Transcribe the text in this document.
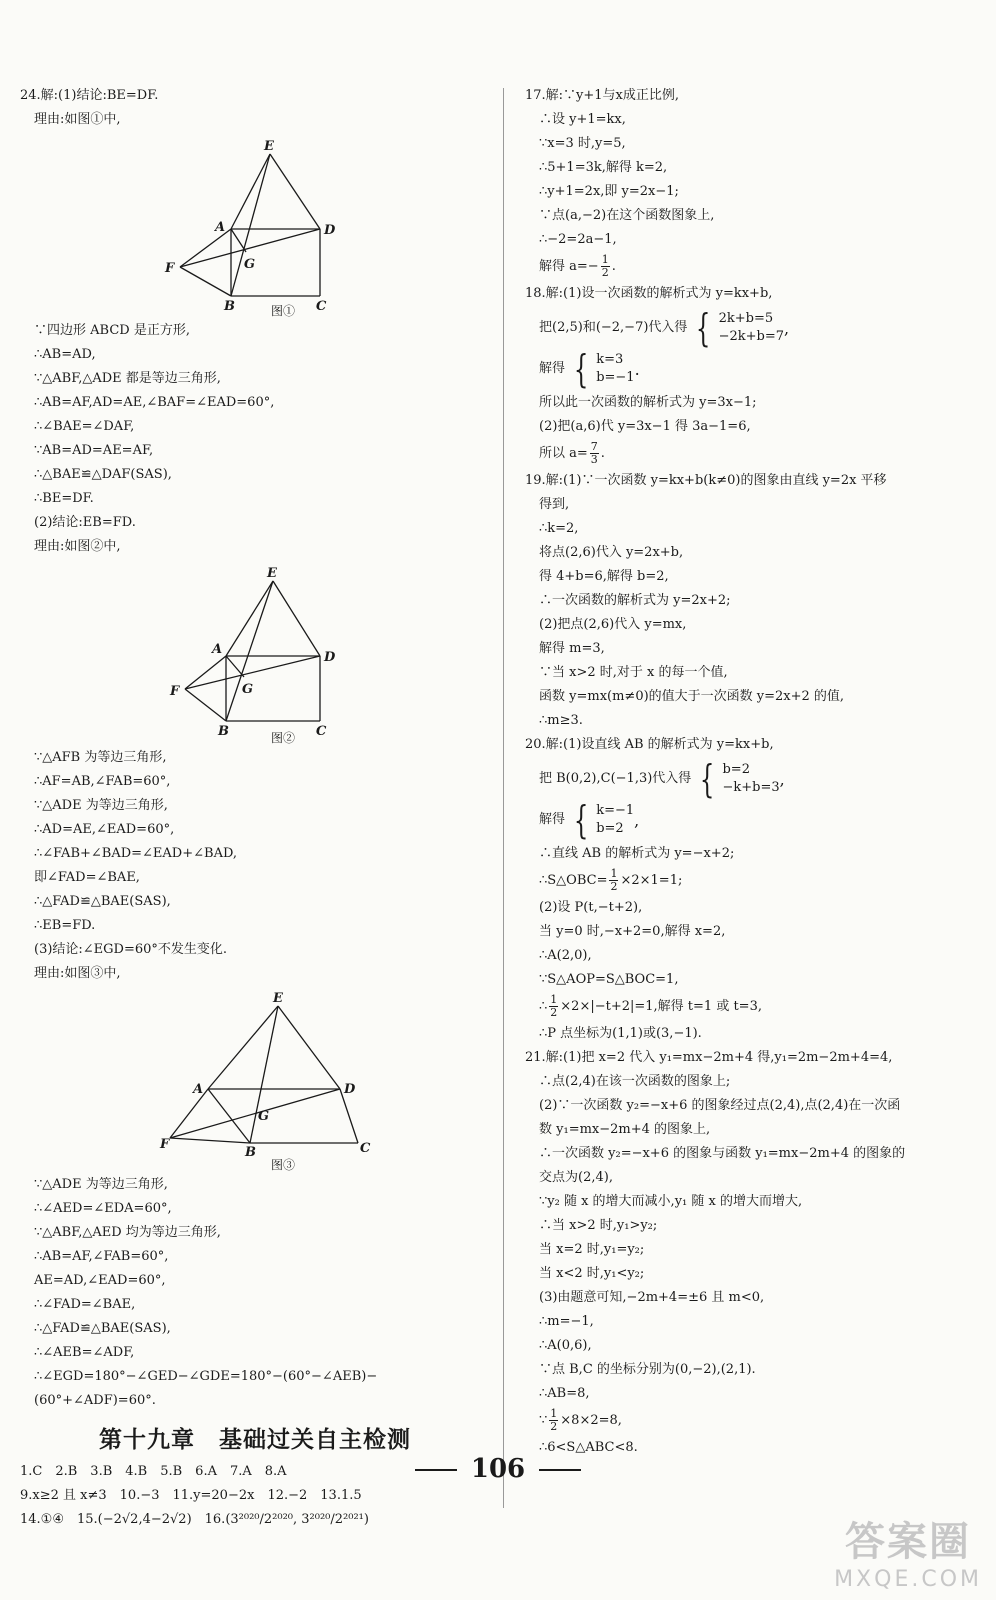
24.解:(1)结论:BE=DF.
理由:如图①中,
E
A	D
F	G
B	C
图①
∵四边形 ABCD 是正方形,
∴AB=AD,
∵△ABF,△ADE 都是等边三角形,
∴AB=AF,AD=AE,∠BAF=∠EAD=60°,
∴∠BAE=∠DAF,
∵AB=AD=AE=AF,
∴△BAE≌△DAF(SAS),
∴BE=DF.
(2)结论:EB=FD.
理由:如图②中,
E
A
D
F	G
B	C
图②
∵△AFB 为等边三角形,
∴AF=AB,∠FAB=60°,
∵△ADE 为等边三角形,
∴AD=AE,∠EAD=60°,
∴∠FAB+∠BAD=∠EAD+∠BAD,
即∠FAD=∠BAE,
∴△FAD≌△BAE(SAS),
∴EB=FD.
(3)结论:∠EGD=60°不发生变化.
理由:如图③中,
E
A	D
F
G
B	C
图③
∵△ADE 为等边三角形,
∴∠AED=∠EDA=60°,
∵△ABF,△AED 均为等边三角形,
∴AB=AF,∠FAB=60°,
AE=AD,∠EAD=60°,
∴∠FAD=∠BAE,
∴△FAD≌△BAE(SAS),
∴∠AEB=∠ADF,
∴∠EGD=180°−∠GED−∠GDE=180°−(60°−∠AEB)−
(60°+∠ADF)=60°.
第十九章　基础过关自主检测
1.C　2.B　3.B　4.B　5.B　6.A　7.A　8.A
9.x≥2 且 x≠3　10.−3　11.y=20−2x　12.−2　13.1.5
14.①④　15.(−2√2,4−2√2)　16.(3²⁰²⁰/2²⁰²⁰, 3²⁰²⁰/2²⁰²¹)
17.解:∵y+1与x成正比例,
∴设 y+1=kx,
∵x=3 时,y=5,
∴5+1=3k,解得 k=2,
∴y+1=2x,即 y=2x−1;
∵点(a,−2)在这个函数图象上,
∴−2=2a−1,
解得 $a=- \frac{1}{2}$ .
18.解:(1)设一次函数的解析式为 y=kx+b,
把(2,5)和(−2,−7)代入得 { 2k+b=5
−2k+b=7 ,
解得 { k=3
b=−1 .
所以此一次函数的解析式为 y=3x−1;
(2)把(a,6)代 y=3x−1 得 3a−1=6,
所以 $a= \frac{7}{3}$ .
19.解:(1)∵一次函数 y=kx+b(k≠0)的图象由直线 y=2x 平移
得到,
∴k=2,
将点(2,6)代入 y=2x+b,
得 4+b=6,解得 b=2,
∴一次函数的解析式为 y=2x+2;
(2)把点(2,6)代入 y=mx,
解得 m=3,
∵当 x>2 时,对于 x 的每一个值,
函数 y=mx(m≠0)的值大于一次函数 y=2x+2 的值,
∴m≥3.
20.解:(1)设直线 AB 的解析式为 y=kx+b,
把 B(0,2),C(−1,3)代入得 { b=2
−k+b=3 ,
解得 { k=−1
b=2 ,
∴直线 AB 的解析式为 y=−x+2;
∴S△OBC= $\frac{1}{2} \times 2\times 1=1$;
(2)设 P(t,−t+2),
当 y=0 时,−x+2=0,解得 x=2,
∴A(2,0),
∵S△AOP=S△BOC=1,
∴ $\frac{1}{2} \times 2\times|-t+2|=1$,解得 t=1 或 t=3,
∴P 点坐标为(1,1)或(3,−1).
21.解:(1)把 x=2 代入 y₁=mx−2m+4 得,y₁=2m−2m+4=4,
∴点(2,4)在该一次函数的图象上;
(2)∵一次函数 y₂=−x+6 的图象经过点(2,4),点(2,4)在一次函
数 y₁=mx−2m+4 的图象上,
∴一次函数 y₂=−x+6 的图象与函数 y₁=mx−2m+4 的图象的
交点为(2,4),
∵y₂ 随 x 的增大而减小,y₁ 随 x 的增大而增大,
∴当 x>2 时,y₁>y₂;
当 x=2 时,y₁=y₂;
当 x<2 时,y₁<y₂;
(3)由题意可知,−2m+4=±6 且 m<0,
∴m=−1,
∴A(0,6),
∵点 B,C 的坐标分别为(0,−2),(2,1).
∴AB=8,
∵ $\frac{1}{2} \times 8\times 2=8$,
∴6<S△ABC<8.
106
答案圈
MXQE.COM
